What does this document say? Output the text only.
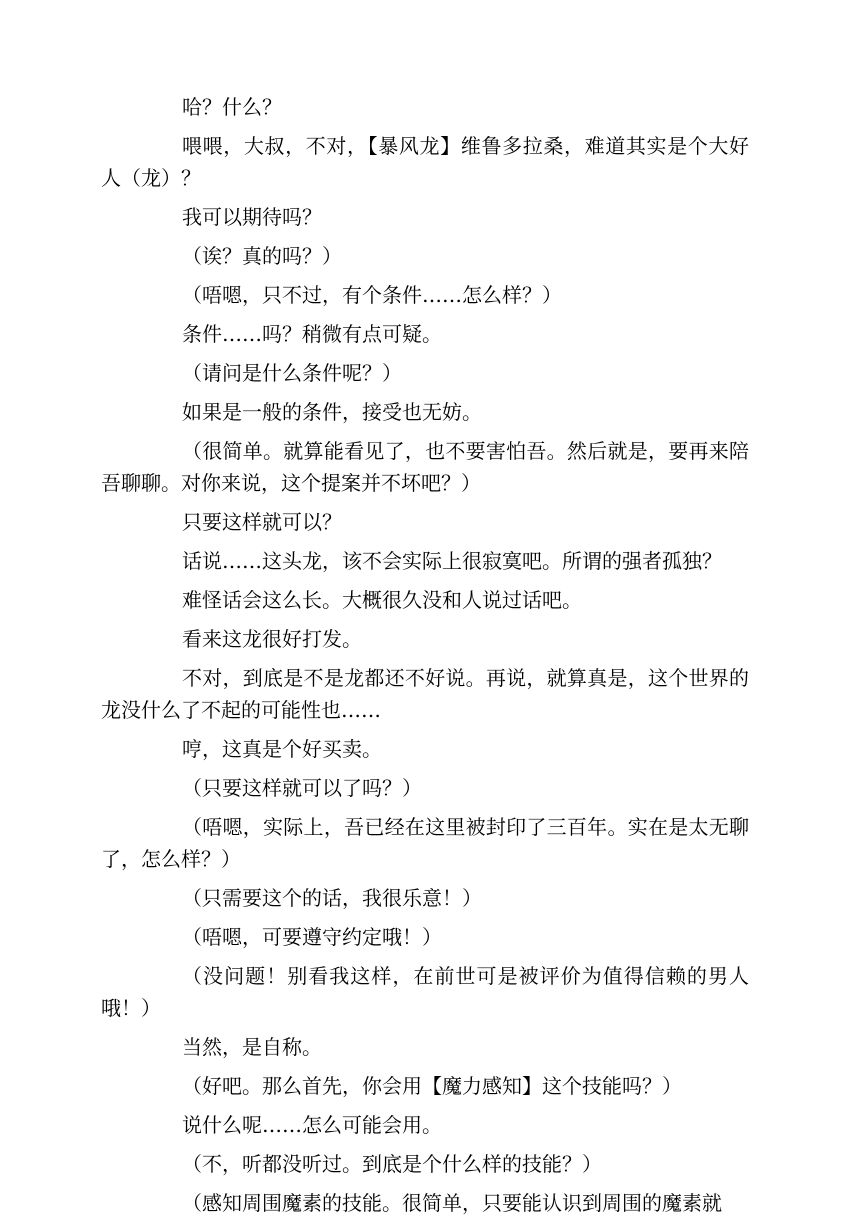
哈？什么？

喂喂，大叔，不对，【暴风龙】维鲁多拉桑，难道其实是个大好人（龙）？

我可以期待吗？

（诶？真的吗？）

（唔嗯，只不过，有个条件……怎么样？）

条件……吗？稍微有点可疑。

（请问是什么条件呢？）

如果是一般的条件，接受也无妨。

（很简单。就算能看见了，也不要害怕吾。然后就是，要再来陪吾聊聊。对你来说，这个提案并不坏吧？）

只要这样就可以？

话说……这头龙，该不会实际上很寂寞吧。所谓的强者孤独？

难怪话会这么长。大概很久没和人说过话吧。

看来这龙很好打发。

不对，到底是不是龙都还不好说。再说，就算真是，这个世界的龙没什么了不起的可能性也……

哼，这真是个好买卖。

（只要这样就可以了吗？）

（唔嗯，实际上，吾已经在这里被封印了三百年。实在是太无聊了，怎么样？）

（只需要这个的话，我很乐意！）

（唔嗯，可要遵守约定哦！）

（没问题！别看我这样，在前世可是被评价为值得信赖的男人哦！）

当然，是自称。

（好吧。那么首先，你会用【魔力感知】这个技能吗？）

说什么呢……怎么可能会用。

（不，听都没听过。到底是个什么样的技能？）

（感知周围魔素的技能。很简单，只要能认识到周围的魔素就
